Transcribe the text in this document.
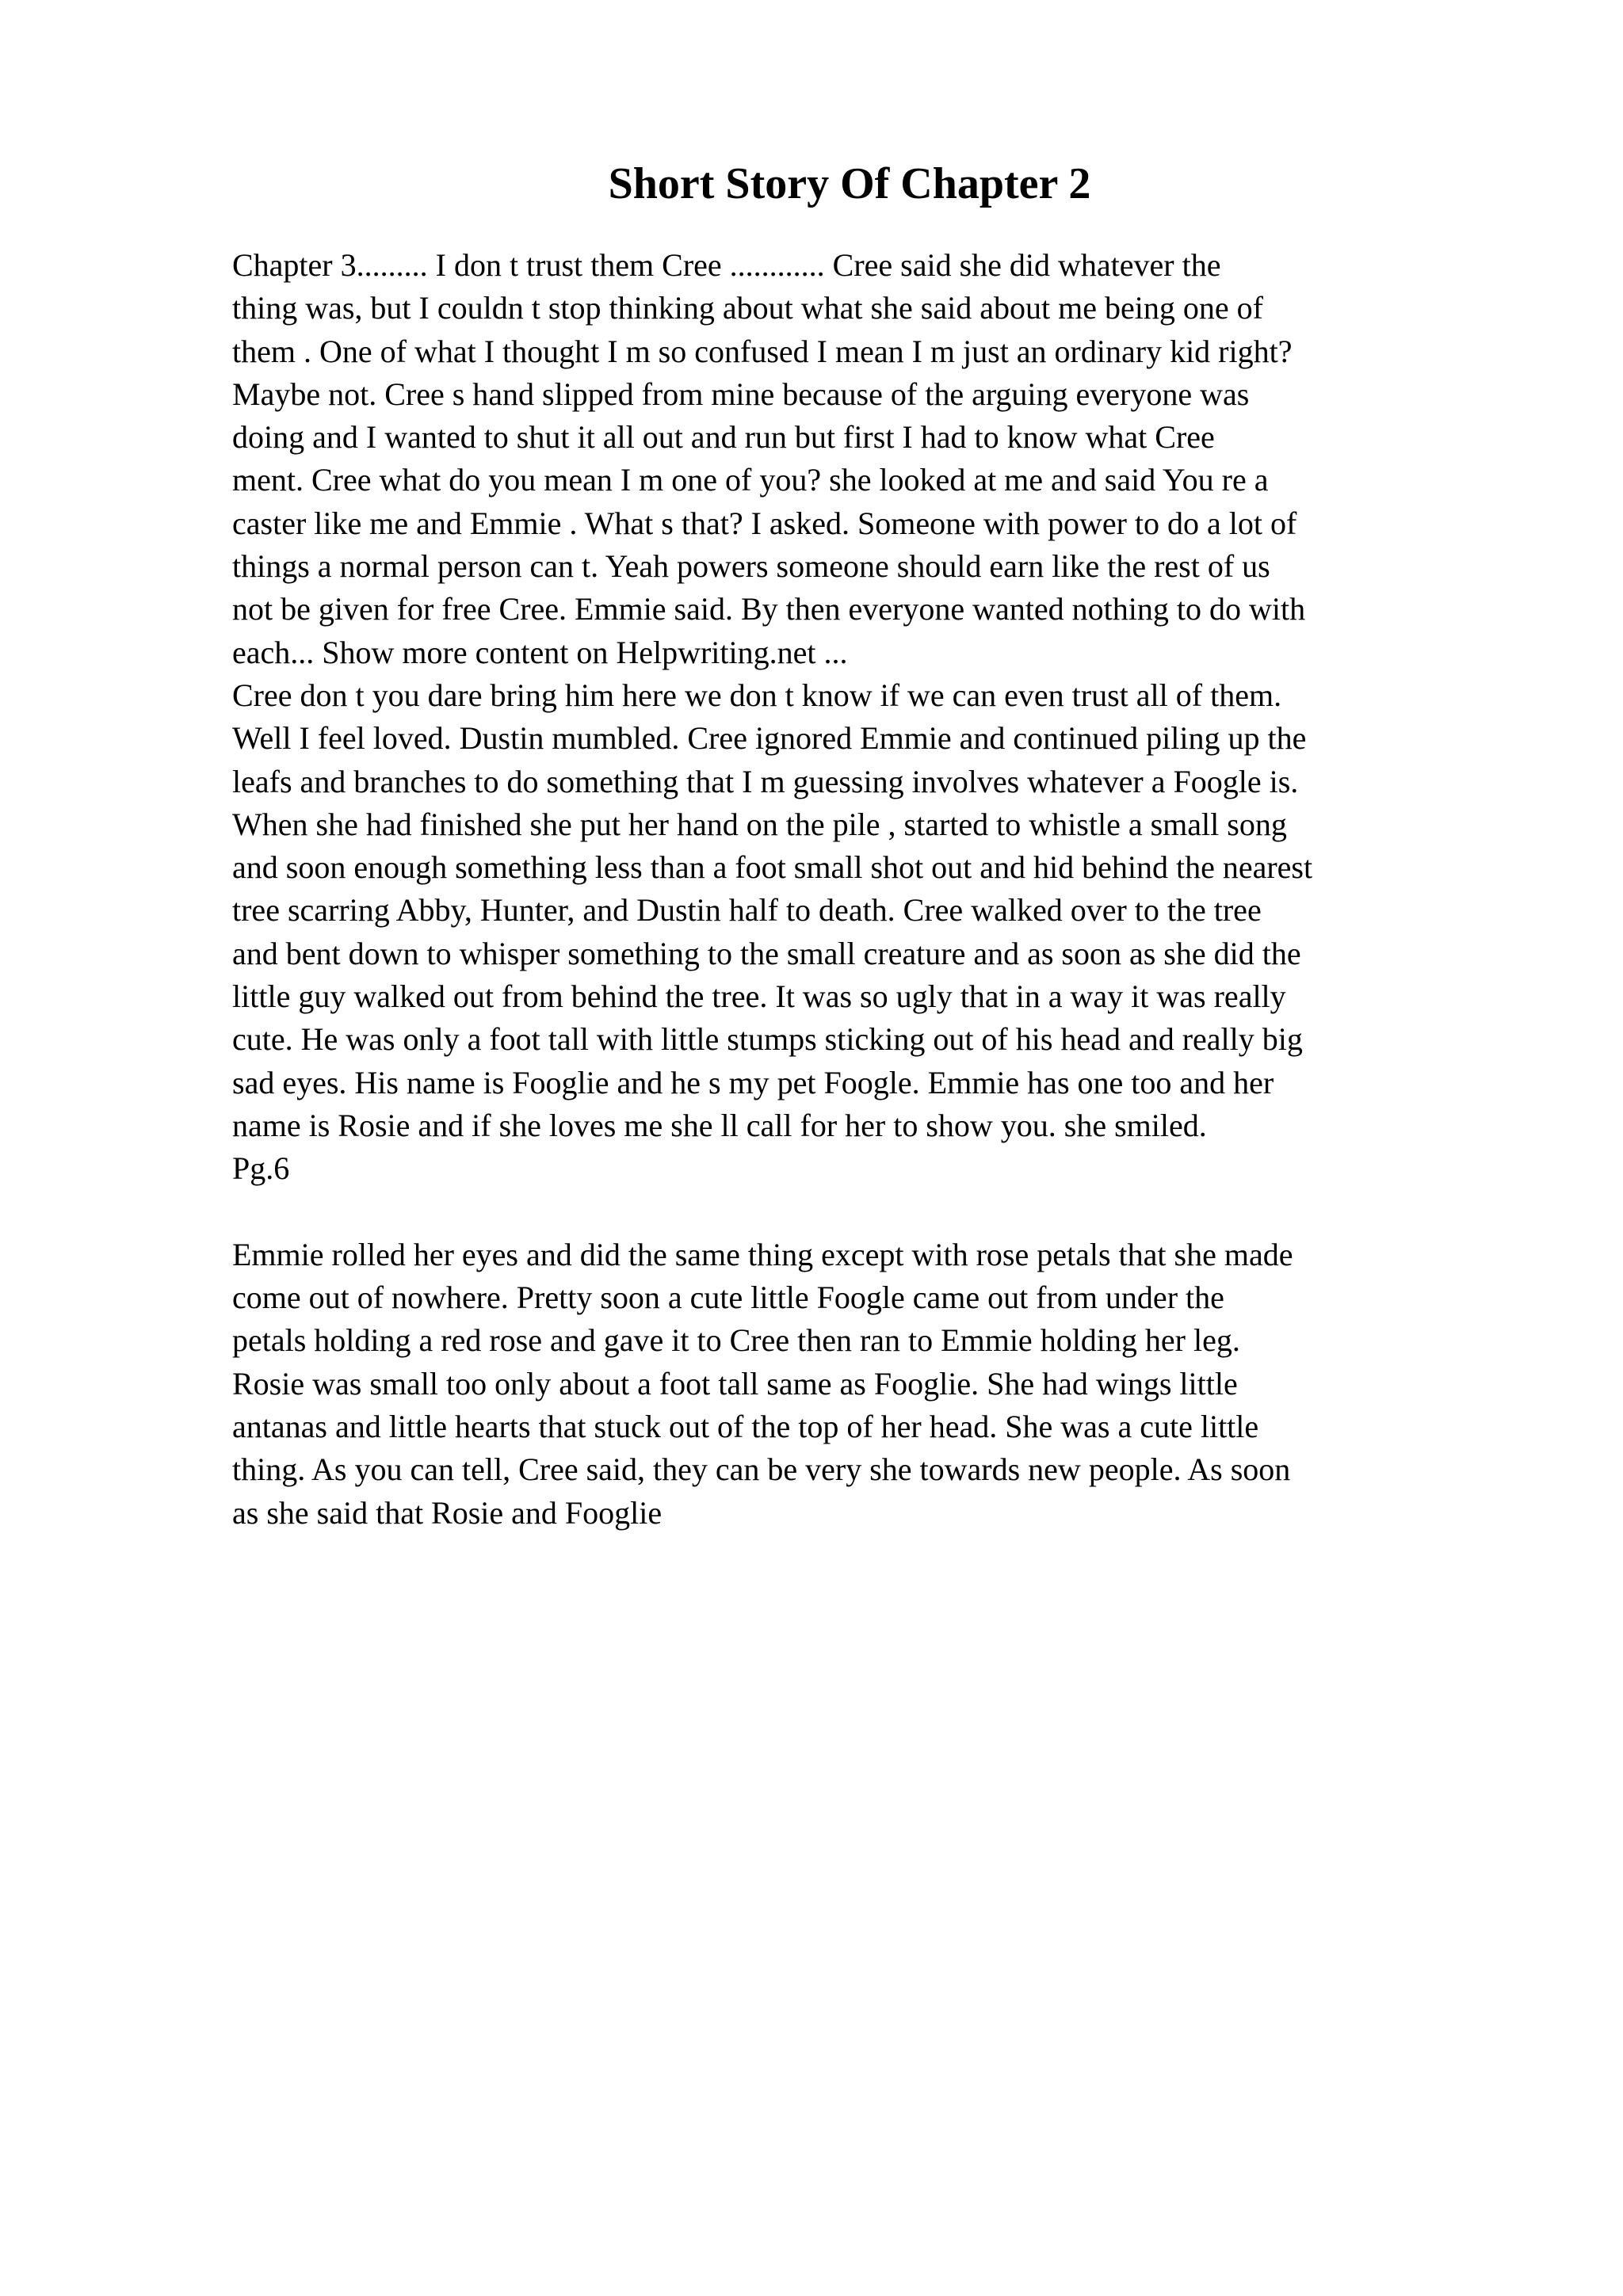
Short Story Of Chapter 2
Chapter 3......... I don t trust them Cree ............ Cree said she did whatever the
thing was, but I couldn t stop thinking about what she said about me being one of
them . One of what I thought I m so confused I mean I m just an ordinary kid right?
Maybe not. Cree s hand slipped from mine because of the arguing everyone was
doing and I wanted to shut it all out and run but first I had to know what Cree
ment. Cree what do you mean I m one of you? she looked at me and said You re a
caster like me and Emmie . What s that? I asked. Someone with power to do a lot of
things a normal person can t. Yeah powers someone should earn like the rest of us
not be given for free Cree. Emmie said. By then everyone wanted nothing to do with
each... Show more content on Helpwriting.net ...
Cree don t you dare bring him here we don t know if we can even trust all of them.
Well I feel loved. Dustin mumbled. Cree ignored Emmie and continued piling up the
leafs and branches to do something that I m guessing involves whatever a Foogle is.
When she had finished she put her hand on the pile , started to whistle a small song
and soon enough something less than a foot small shot out and hid behind the nearest
tree scarring Abby, Hunter, and Dustin half to death. Cree walked over to the tree
and bent down to whisper something to the small creature and as soon as she did the
little guy walked out from behind the tree. It was so ugly that in a way it was really
cute. He was only a foot tall with little stumps sticking out of his head and really big
sad eyes. His name is Fooglie and he s my pet Foogle. Emmie has one too and her
name is Rosie and if she loves me she ll call for her to show you. she smiled.
Pg.6
Emmie rolled her eyes and did the same thing except with rose petals that she made
come out of nowhere. Pretty soon a cute little Foogle came out from under the
petals holding a red rose and gave it to Cree then ran to Emmie holding her leg.
Rosie was small too only about a foot tall same as Fooglie. She had wings little
antanas and little hearts that stuck out of the top of her head. She was a cute little
thing. As you can tell, Cree said, they can be very she towards new people. As soon
as she said that Rosie and Fooglie
